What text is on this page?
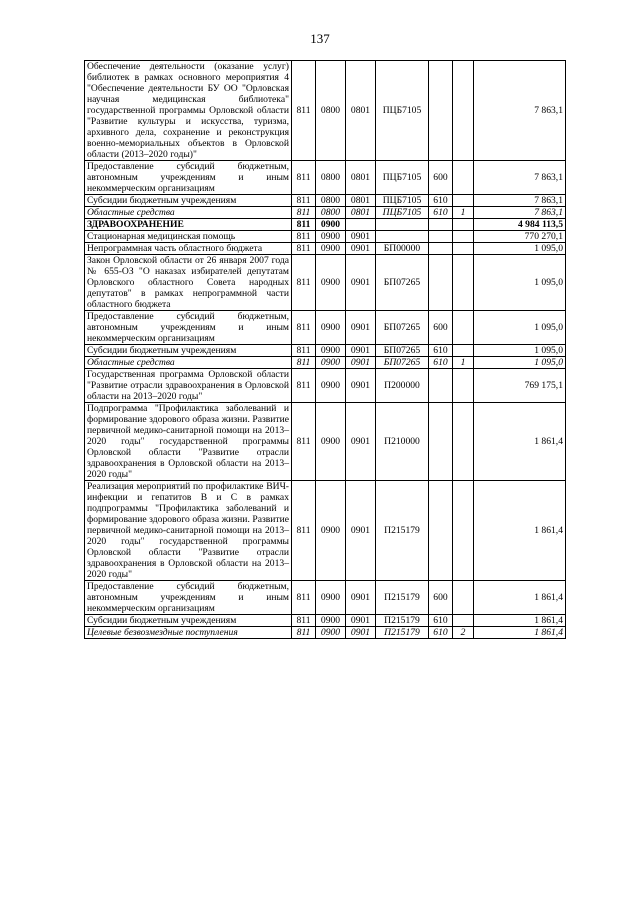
137
Обеспечение деятельности (оказание услуг) библиотек в рамках основного мероприятия 4 "Обеспечение деятельности БУ ОО "Орловская научная медицинская библиотека" государственной программы Орловской области "Развитие культуры и искусства, туризма, архивного дела, сохранение и реконструкция военно-мемориальных объектов в Орловской области (2013–2020 годы)"	811	0800	0801	ПЦБ7105			7 863,1
Предоставление субсидий бюджетным, автономным учреждениям и иным некоммерческим организациям	811	0800	0801	ПЦБ7105	600		7 863,1
Субсидии бюджетным учреждениям	811	0800	0801	ПЦБ7105	610		7 863,1
Областные средства	811	0800	0801	ПЦБ7105	610	1	7 863,1
ЗДРАВООХРАНЕНИЕ	811	0900					4 984 113,5
Стационарная медицинская помощь	811	0900	0901				770 270,1
Непрограммная часть областного бюджета	811	0900	0901	БП00000			1 095,0
Закон Орловской области от 26 января 2007 года № 655-ОЗ "О наказах избирателей депутатам Орловского областного Совета народных депутатов" в рамках непрограммной части областного бюджета	811	0900	0901	БП07265			1 095,0
Предоставление субсидий бюджетным, автономным учреждениям и иным некоммерческим организациям	811	0900	0901	БП07265	600		1 095,0
Субсидии бюджетным учреждениям	811	0900	0901	БП07265	610		1 095,0
Областные средства	811	0900	0901	БП07265	610	1	1 095,0
Государственная программа Орловской области "Развитие отрасли здравоохранения в Орловской области на 2013–2020 годы"	811	0900	0901	П200000			769 175,1
Подпрограмма "Профилактика заболеваний и формирование здорового образа жизни. Развитие первичной медико-санитарной помощи на 2013–2020 годы" государственной программы Орловской области "Развитие отрасли здравоохранения в Орловской области на 2013–2020 годы"	811	0900	0901	П210000			1 861,4
Реализация мероприятий по профилактике ВИЧ-инфекции и гепатитов B и C в рамках подпрограммы "Профилактика заболеваний и формирование здорового образа жизни. Развитие первичной медико-санитарной помощи на 2013–2020 годы" государственной программы Орловской области "Развитие отрасли здравоохранения в Орловской области на 2013–2020 годы"	811	0900	0901	П215179			1 861,4
Предоставление субсидий бюджетным, автономным учреждениям и иным некоммерческим организациям	811	0900	0901	П215179	600		1 861,4
Субсидии бюджетным учреждениям	811	0900	0901	П215179	610		1 861,4
Целевые безвозмездные поступления	811	0900	0901	П215179	610	2	1 861,4
